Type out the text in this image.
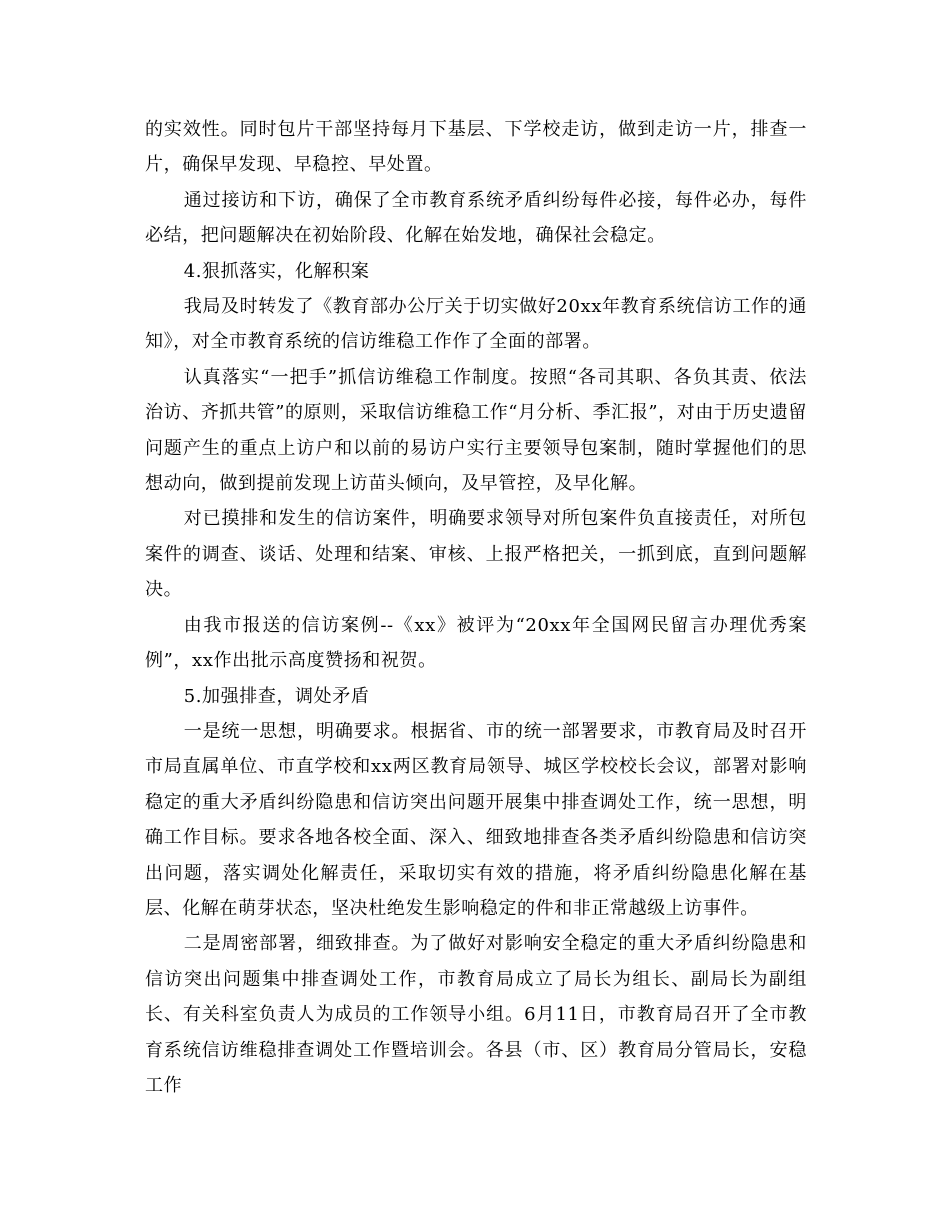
的实效性。同时包片干部坚持每月下基层、下学校走访，做到走访一片，排查一片，确保早发现、早稳控、早处置。

通过接访和下访，确保了全市教育系统矛盾纠纷每件必接，每件必办，每件必结，把问题解决在初始阶段、化解在始发地，确保社会稳定。

4.狠抓落实，化解积案

我局及时转发了《教育部办公厅关于切实做好20xx年教育系统信访工作的通知》，对全市教育系统的信访维稳工作作了全面的部署。

认真落实“一把手”抓信访维稳工作制度。按照“各司其职、各负其责、依法治访、齐抓共管”的原则，采取信访维稳工作“月分析、季汇报”，对由于历史遗留问题产生的重点上访户和以前的易访户实行主要领导包案制，随时掌握他们的思想动向，做到提前发现上访苗头倾向，及早管控，及早化解。

对已摸排和发生的信访案件，明确要求领导对所包案件负直接责任，对所包案件的调查、谈话、处理和结案、审核、上报严格把关，一抓到底，直到问题解决。

由我市报送的信访案例--《xx》被评为“20xx年全国网民留言办理优秀案例”，xx作出批示高度赞扬和祝贺。

5.加强排查，调处矛盾

一是统一思想，明确要求。根据省、市的统一部署要求，市教育局及时召开市局直属单位、市直学校和xx两区教育局领导、城区学校校长会议，部署对影响稳定的重大矛盾纠纷隐患和信访突出问题开展集中排查调处工作，统一思想，明确工作目标。要求各地各校全面、深入、细致地排查各类矛盾纠纷隐患和信访突出问题，落实调处化解责任，采取切实有效的措施，将矛盾纠纷隐患化解在基层、化解在萌芽状态，坚决杜绝发生影响稳定的件和非正常越级上访事件。

二是周密部署，细致排查。为了做好对影响安全稳定的重大矛盾纠纷隐患和信访突出问题集中排查调处工作，市教育局成立了局长为组长、副局长为副组长、有关科室负责人为成员的工作领导小组。6月11日，市教育局召开了全市教育系统信访维稳排查调处工作暨培训会。各县（市、区）教育局分管局长，安稳工作
